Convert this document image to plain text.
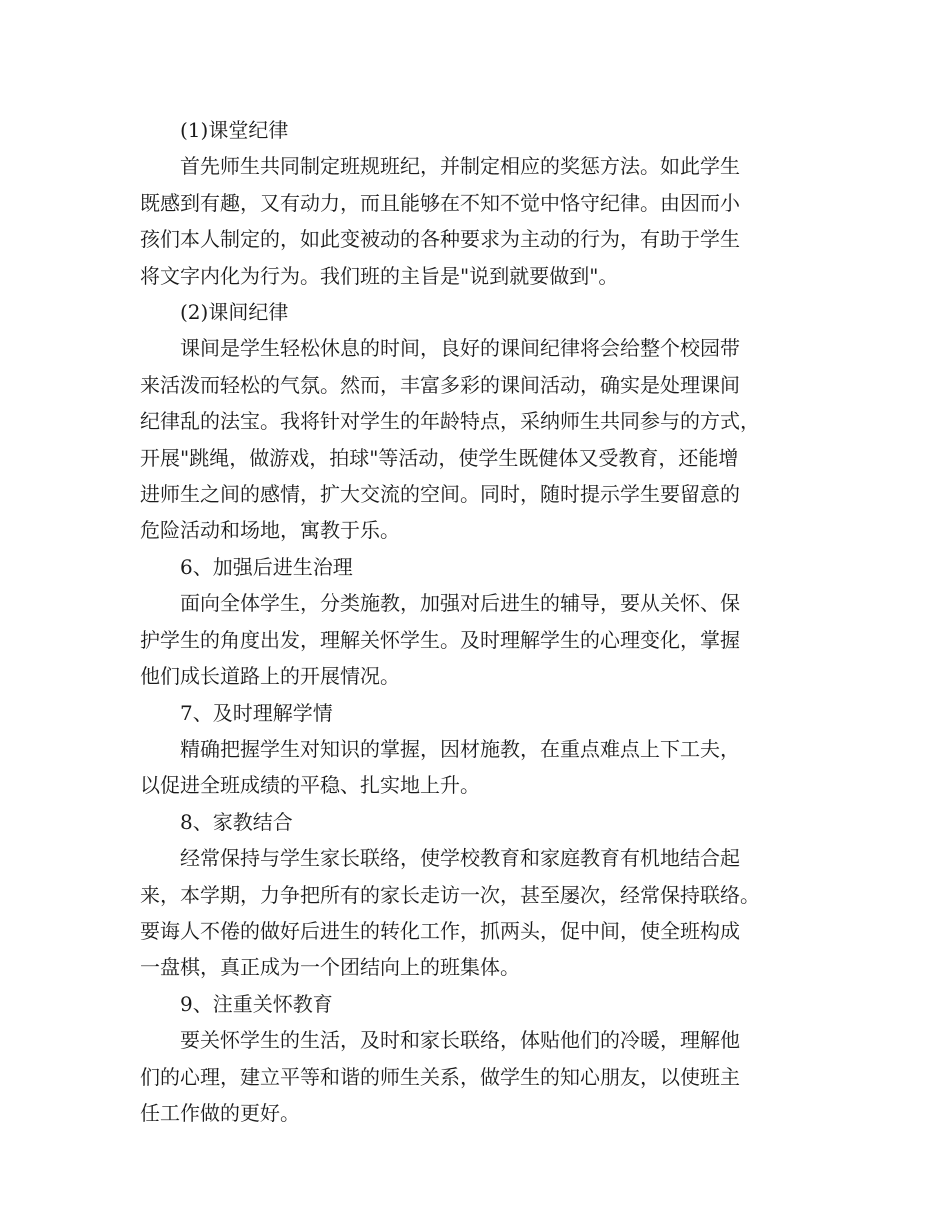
(1)课堂纪律

首先师生共同制定班规班纪，并制定相应的奖惩方法。如此学生
既感到有趣，又有动力，而且能够在不知不觉中恪守纪律。由因而小
孩们本人制定的，如此变被动的各种要求为主动的行为，有助于学生
将文字内化为行为。我们班的主旨是"说到就要做到"。

(2)课间纪律

课间是学生轻松休息的时间，良好的课间纪律将会给整个校园带
来活泼而轻松的气氛。然而，丰富多彩的课间活动，确实是处理课间
纪律乱的法宝。我将针对学生的年龄特点，采纳师生共同参与的方式，
开展"跳绳，做游戏，拍球"等活动，使学生既健体又受教育，还能增
进师生之间的感情，扩大交流的空间。同时，随时提示学生要留意的
危险活动和场地，寓教于乐。

6、加强后进生治理

面向全体学生，分类施教，加强对后进生的辅导，要从关怀、保
护学生的角度出发，理解关怀学生。及时理解学生的心理变化，掌握
他们成长道路上的开展情况。

7、及时理解学情

精确把握学生对知识的掌握，因材施教，在重点难点上下工夫，
以促进全班成绩的平稳、扎实地上升。

8、家教结合

经常保持与学生家长联络，使学校教育和家庭教育有机地结合起
来，本学期，力争把所有的家长走访一次，甚至屡次，经常保持联络。
要诲人不倦的做好后进生的转化工作，抓两头，促中间，使全班构成
一盘棋，真正成为一个团结向上的班集体。

9、注重关怀教育

要关怀学生的生活，及时和家长联络，体贴他们的冷暖，理解他
们的心理，建立平等和谐的师生关系，做学生的知心朋友，以使班主
任工作做的更好。
